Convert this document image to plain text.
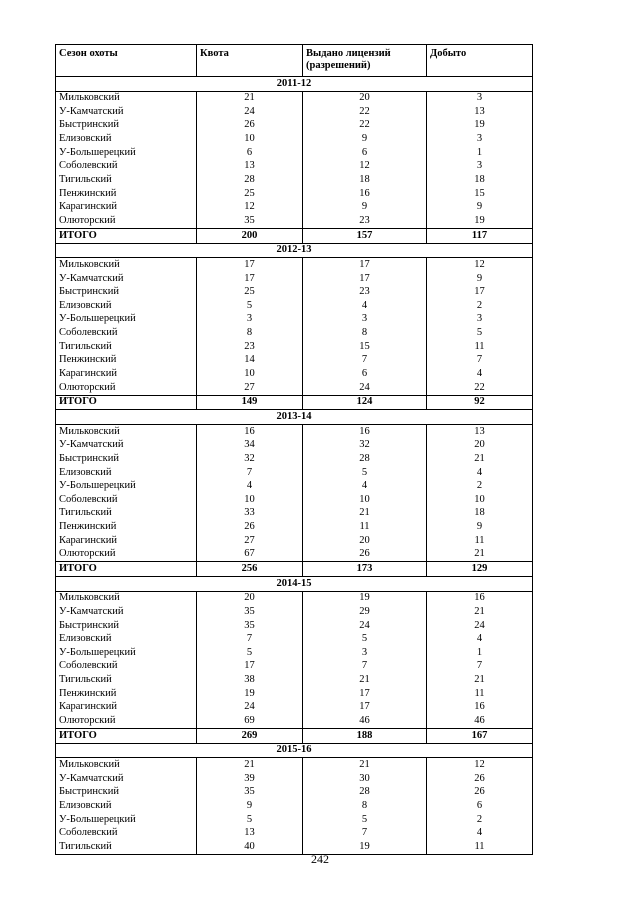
Сезон охоты	Квота	Выдано лицензий (разрешений)	Добыто
2011-12			
Мильковский	21	20	3
У-Камчатский	24	22	13
Быстринский	26	22	19
Елизовский	10	9	3
У-Большерецкий	6	6	1
Соболевский	13	12	3
Тигильский	28	18	18
Пенжинский	25	16	15
Карагинский	12	9	9
Олюторский	35	23	19
ИТОГО	200	157	117
2012-13			
Мильковский	17	17	12
У-Камчатский	17	17	9
Быстринский	25	23	17
Елизовский	5	4	2
У-Большерецкий	3	3	3
Соболевский	8	8	5
Тигильский	23	15	11
Пенжинский	14	7	7
Карагинский	10	6	4
Олюторский	27	24	22
ИТОГО	149	124	92
2013-14			
Мильковский	16	16	13
У-Камчатский	34	32	20
Быстринский	32	28	21
Елизовский	7	5	4
У-Большерецкий	4	4	2
Соболевский	10	10	10
Тигильский	33	21	18
Пенжинский	26	11	9
Карагинский	27	20	11
Олюторский	67	26	21
ИТОГО	256	173	129
2014-15			
Мильковский	20	19	16
У-Камчатский	35	29	21
Быстринский	35	24	24
Елизовский	7	5	4
У-Большерецкий	5	3	1
Соболевский	17	7	7
Тигильский	38	21	21
Пенжинский	19	17	11
Карагинский	24	17	16
Олюторский	69	46	46
ИТОГО	269	188	167
2015-16			
Мильковский	21	21	12
У-Камчатский	39	30	26
Быстринский	35	28	26
Елизовский	9	8	6
У-Большерецкий	5	5	2
Соболевский	13	7	4
Тигильский	40	19	11
242
